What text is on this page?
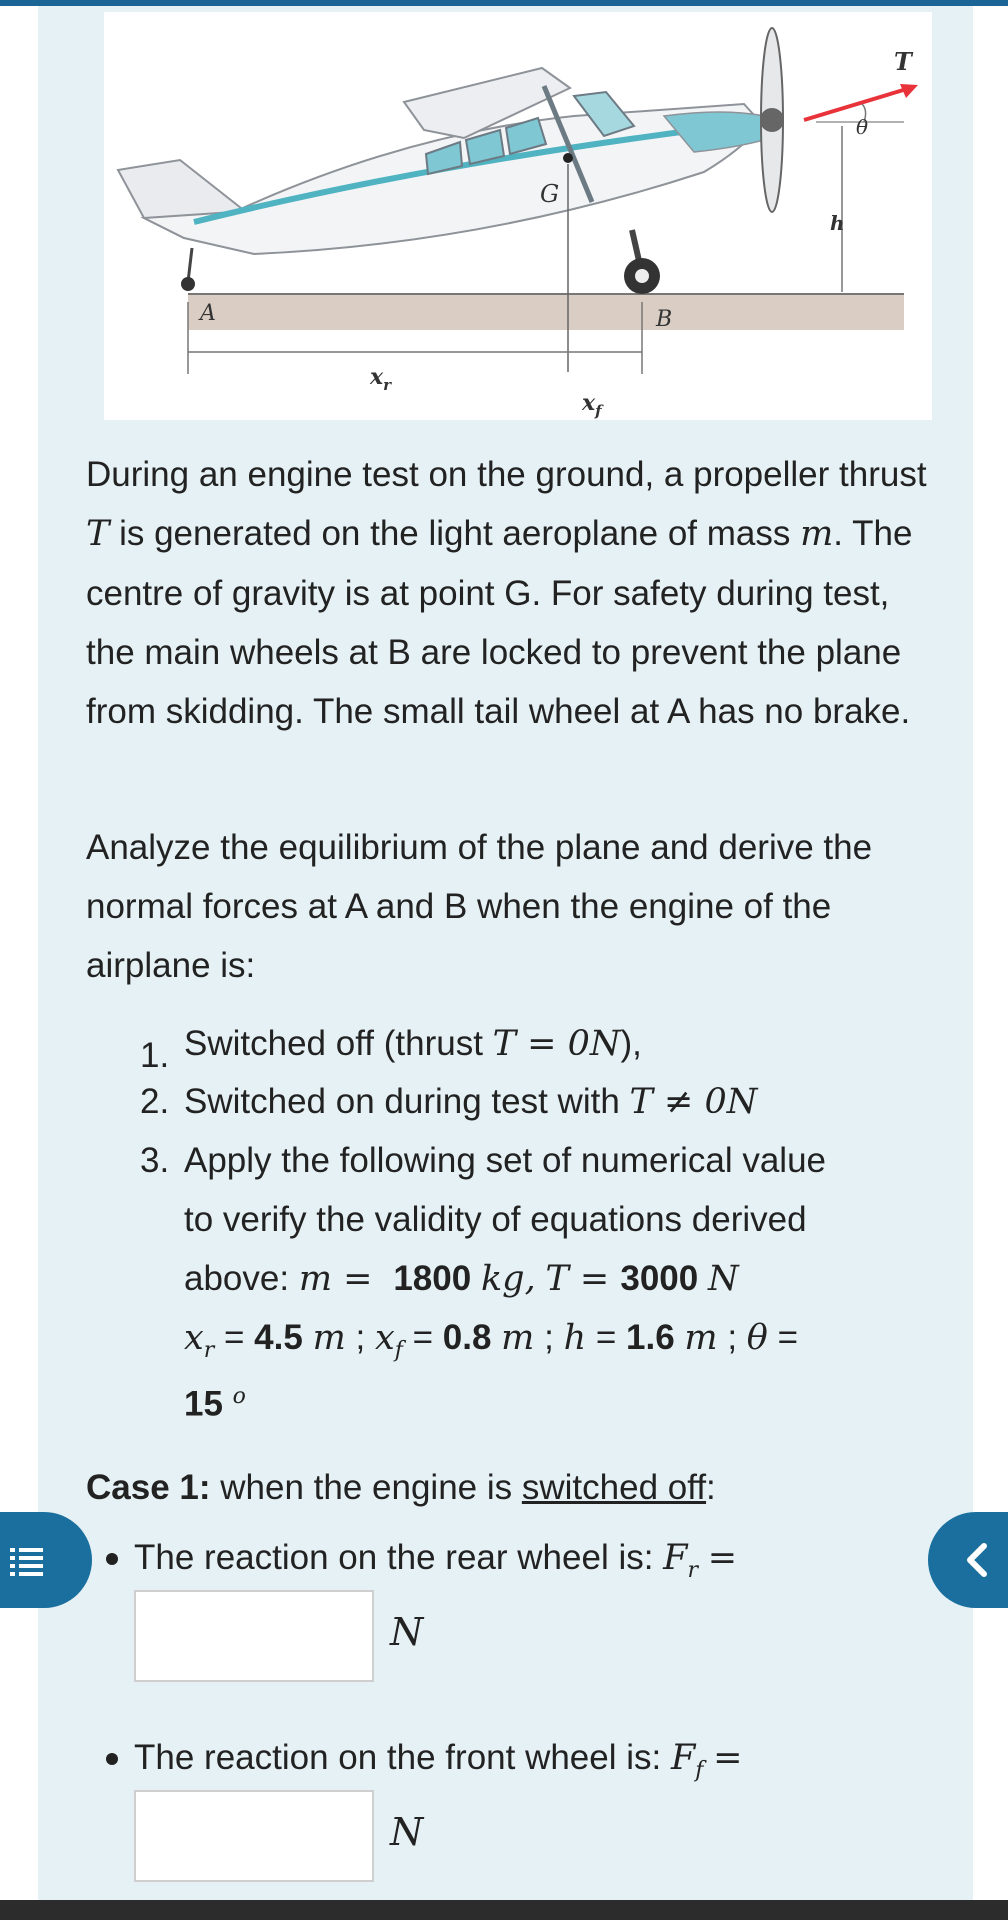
T
θ
h
G
A	B
$x_r$
$x_f$

During an engine test on the ground, a propeller thrust T is generated on the light aeroplane of mass m. The centre of gravity is at point G. For safety during test, the main wheels at B are locked to prevent the plane from skidding. The small tail wheel at A has no brake.

Analyze the equilibrium of the plane and derive the normal forces at A and B when the engine of the airplane is:

1. Switched off (thrust T = 0N),
2. Switched on during test with T ≠ 0N
3. Apply the following set of numerical value
to verify the validity of equations derived
above: m =  1800 kg, T = 3000 N
$x_r = 4.5$ m ; $x_f = 0.8$ m ; h = 1.6 m ; θ =
15 $^o$
Case 1: when the engine is switched off:
The reaction on the rear wheel is: $F_r$ =
N
The reaction on the front wheel is: $F_f$ =
N
